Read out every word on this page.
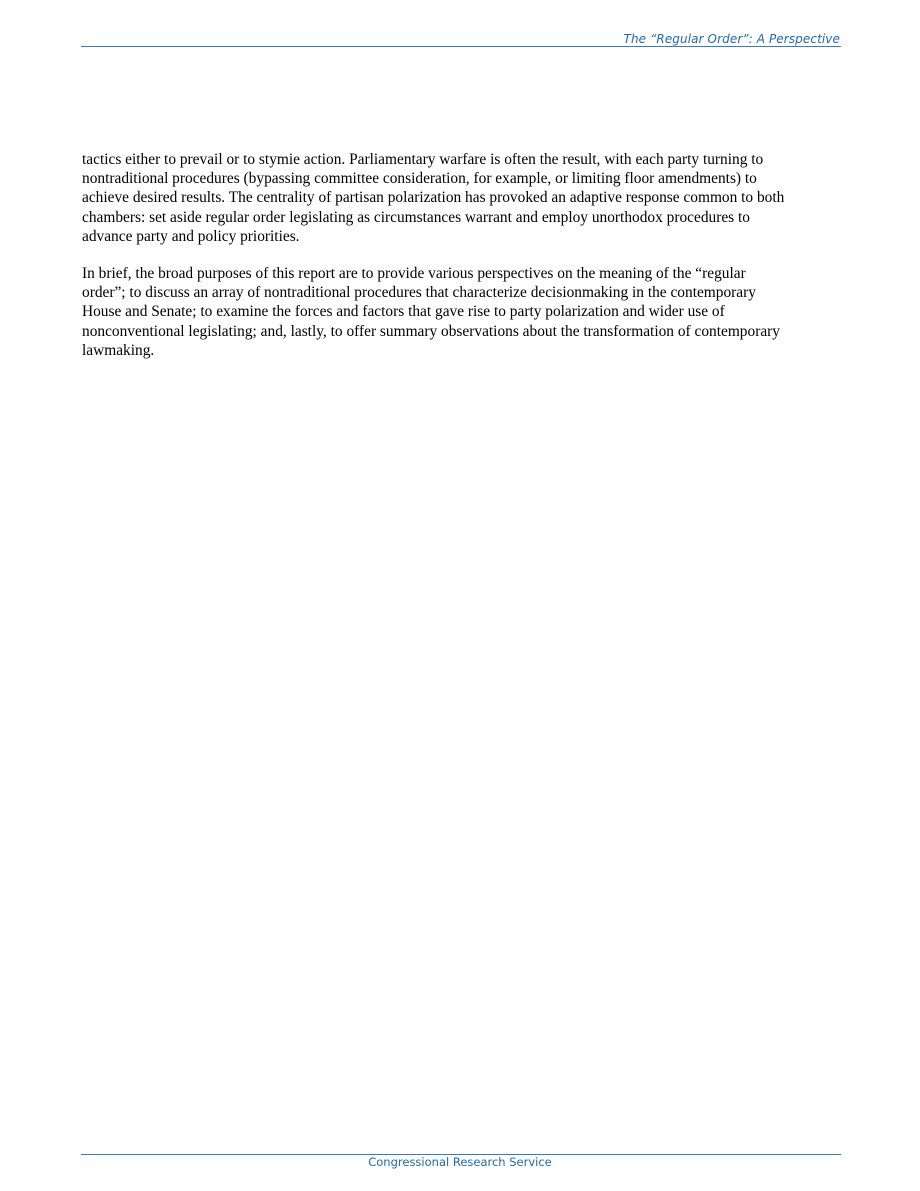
The “Regular Order”: A Perspective

tactics either to prevail or to stymie action. Parliamentary warfare is often the result, with each party turning to
nontraditional procedures (bypassing committee consideration, for example, or limiting floor amendments) to
achieve desired results. The centrality of partisan polarization has provoked an adaptive response common to both
chambers: set aside regular order legislating as circumstances warrant and employ unorthodox procedures to
advance party and policy priorities.

In brief, the broad purposes of this report are to provide various perspectives on the meaning of the “regular
order”; to discuss an array of nontraditional procedures that characterize decisionmaking in the contemporary
House and Senate; to examine the forces and factors that gave rise to party polarization and wider use of
nonconventional legislating; and, lastly, to offer summary observations about the transformation of contemporary
lawmaking.

Congressional Research Service
